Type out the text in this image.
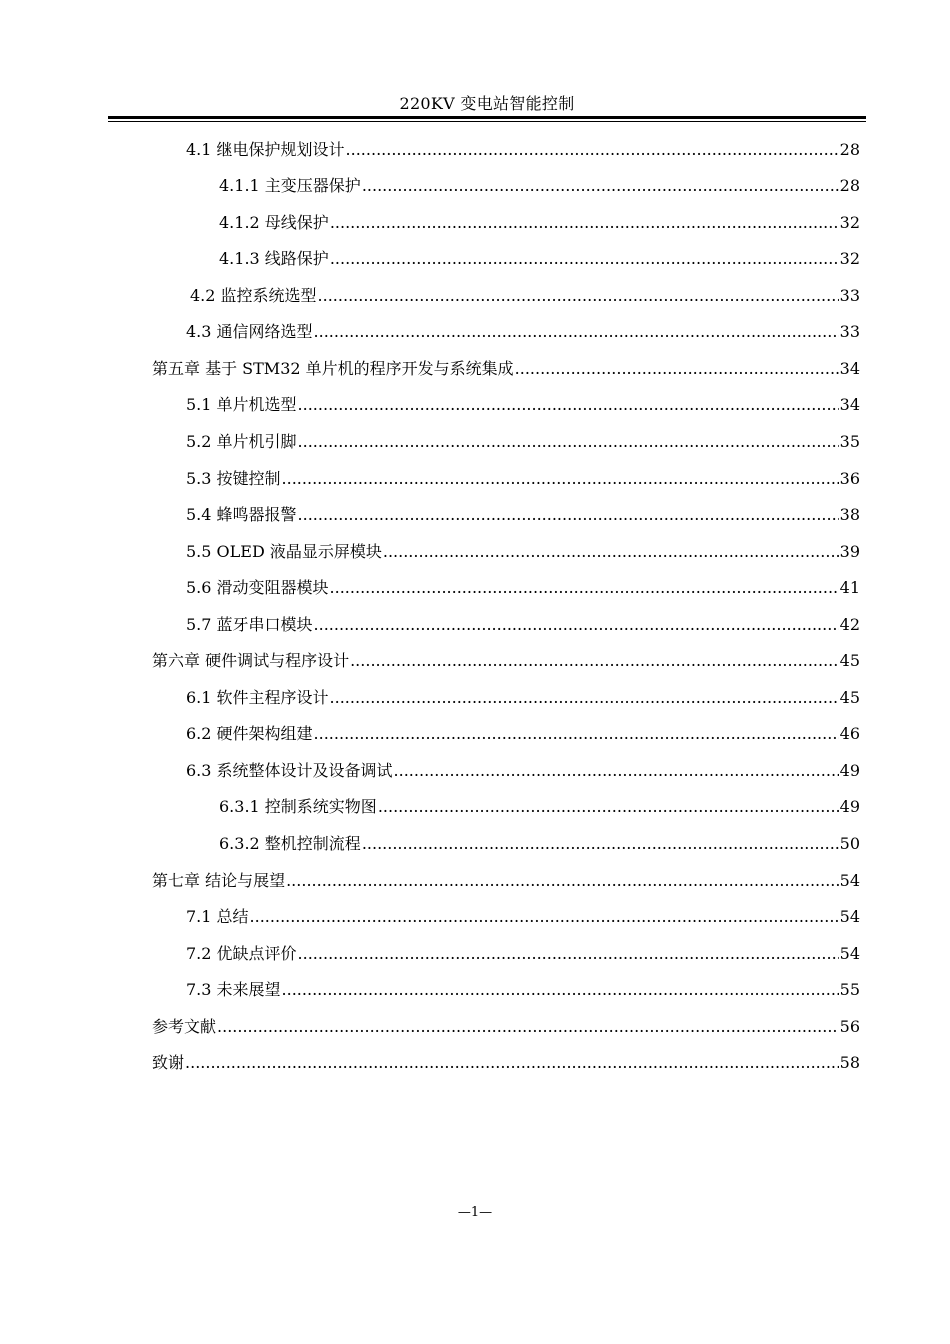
220KV 变电站智能控制
4.1 继电保护规划设计 .....	28
4.1.1 主变压器保护 .....	28
4.1.2 母线保护 .....	32
4.1.3 线路保护 .....	32
4.2 监控系统选型 .....	33
4.3 通信网络选型 .....	33
第五章 基于 STM32 单片机的程序开发与系统集成 .....	34
5.1 单片机选型 .....	34
5.2 单片机引脚 .....	35
5.3 按键控制 .....	36
5.4 蜂鸣器报警 .....	38
5.5 OLED 液晶显示屏模块 .....	39
5.6 滑动变阻器模块 .....	41
5.7 蓝牙串口模块 .....	42
第六章 硬件调试与程序设计 .....	45
6.1 软件主程序设计 .....	45
6.2 硬件架构组建 .....	46
6.3 系统整体设计及设备调试 .....	49
6.3.1 控制系统实物图 .....	49
6.3.2 整机控制流程 .....	50
第七章 结论与展望 .....	54
7.1 总结 .....	54
7.2 优缺点评价 .....	54
7.3 未来展望 .....	55
参考文献 .....	56
致谢 .....	58
—1—
